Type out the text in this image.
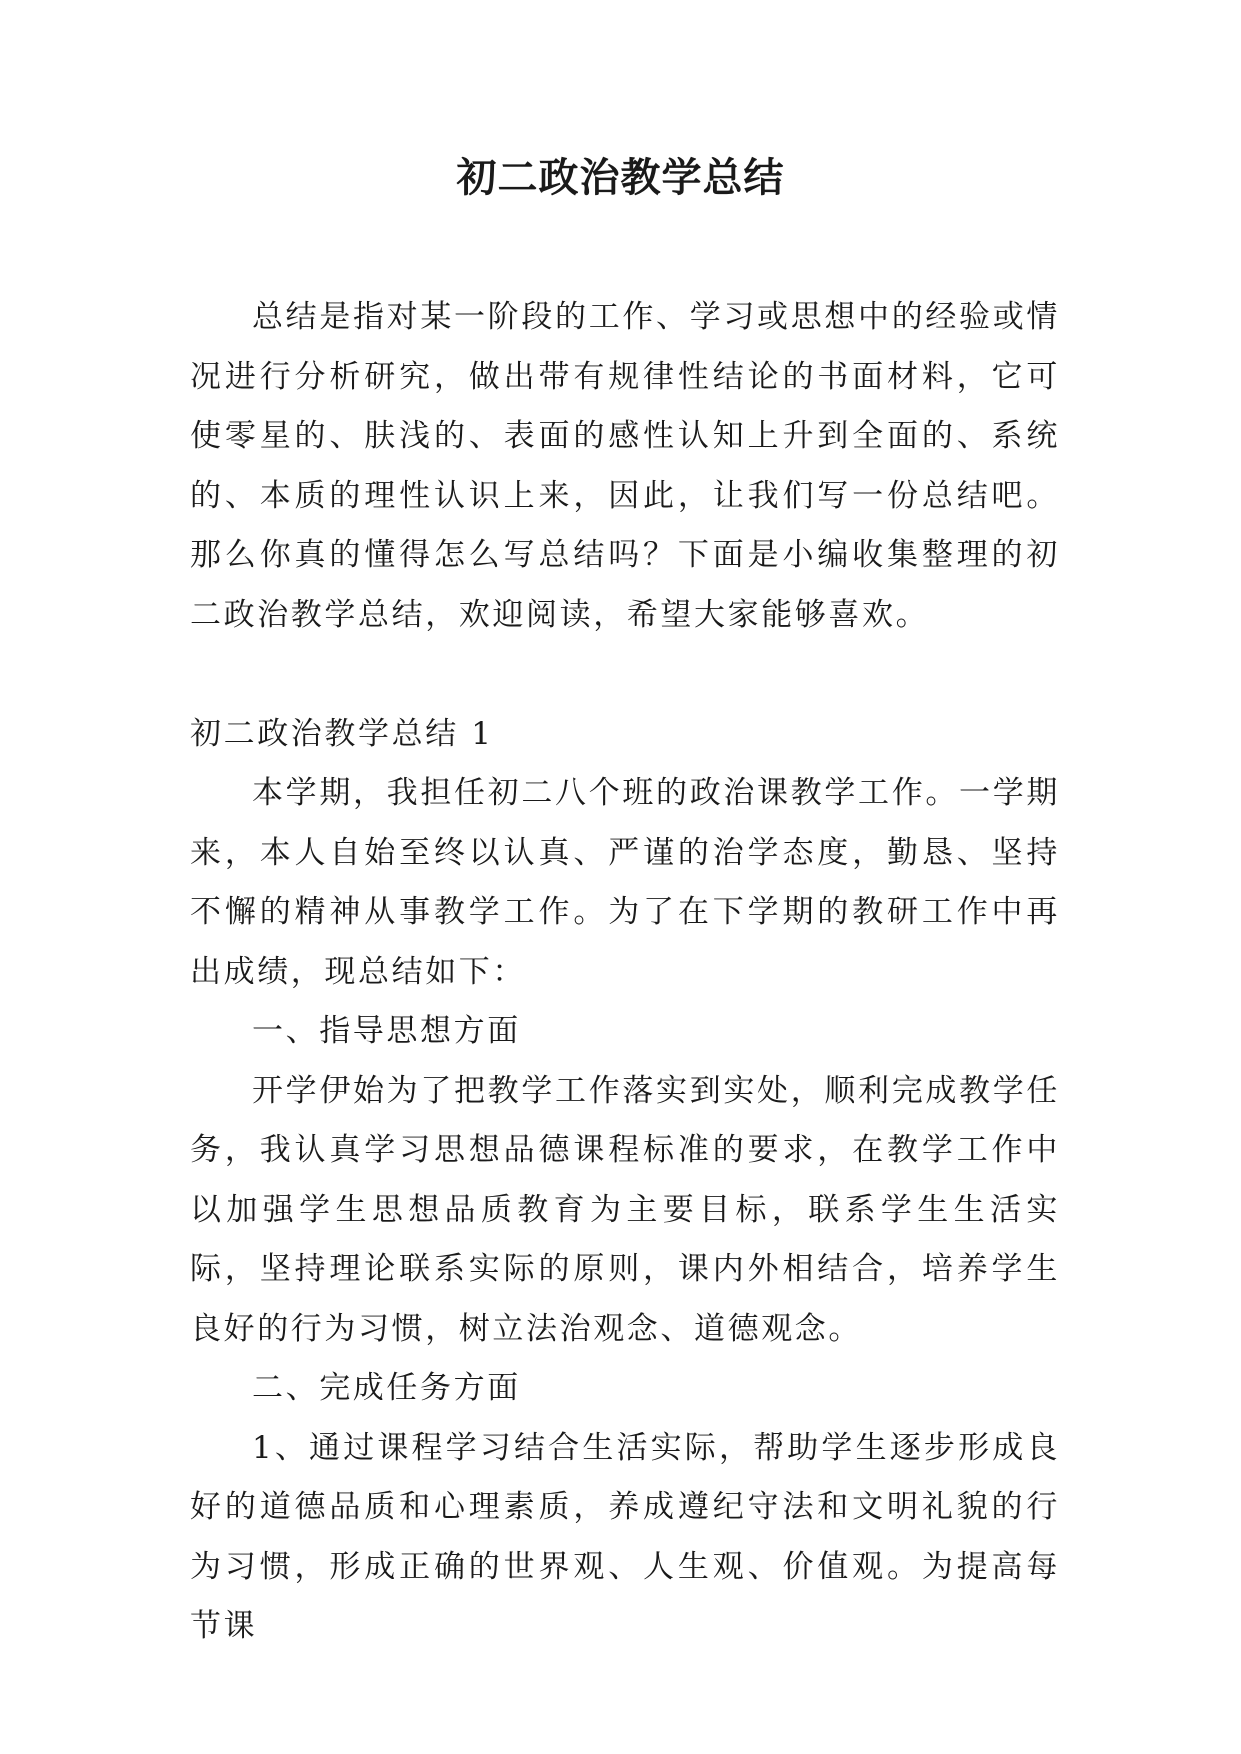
初二政治教学总结

总结是指对某一阶段的工作、学习或思想中的经验或情况进行分析研究，做出带有规律性结论的书面材料，它可使零星的、肤浅的、表面的感性认知上升到全面的、系统的、本质的理性认识上来，因此，让我们写一份总结吧。那么你真的懂得怎么写总结吗？下面是小编收集整理的初二政治教学总结，欢迎阅读，希望大家能够喜欢。

初二政治教学总结 1

本学期，我担任初二八个班的政治课教学工作。一学期来，本人自始至终以认真、严谨的治学态度，勤恳、坚持不懈的精神从事教学工作。为了在下学期的教研工作中再出成绩，现总结如下：

一、指导思想方面

开学伊始为了把教学工作落实到实处，顺利完成教学任务，我认真学习思想品德课程标准的要求，在教学工作中以加强学生思想品质教育为主要目标，联系学生生活实际，坚持理论联系实际的原则，课内外相结合，培养学生良好的行为习惯，树立法治观念、道德观念。

二、完成任务方面

1、通过课程学习结合生活实际，帮助学生逐步形成良好的道德品质和心理素质，养成遵纪守法和文明礼貌的行为习惯，形成正确的世界观、人生观、价值观。为提高每节课
